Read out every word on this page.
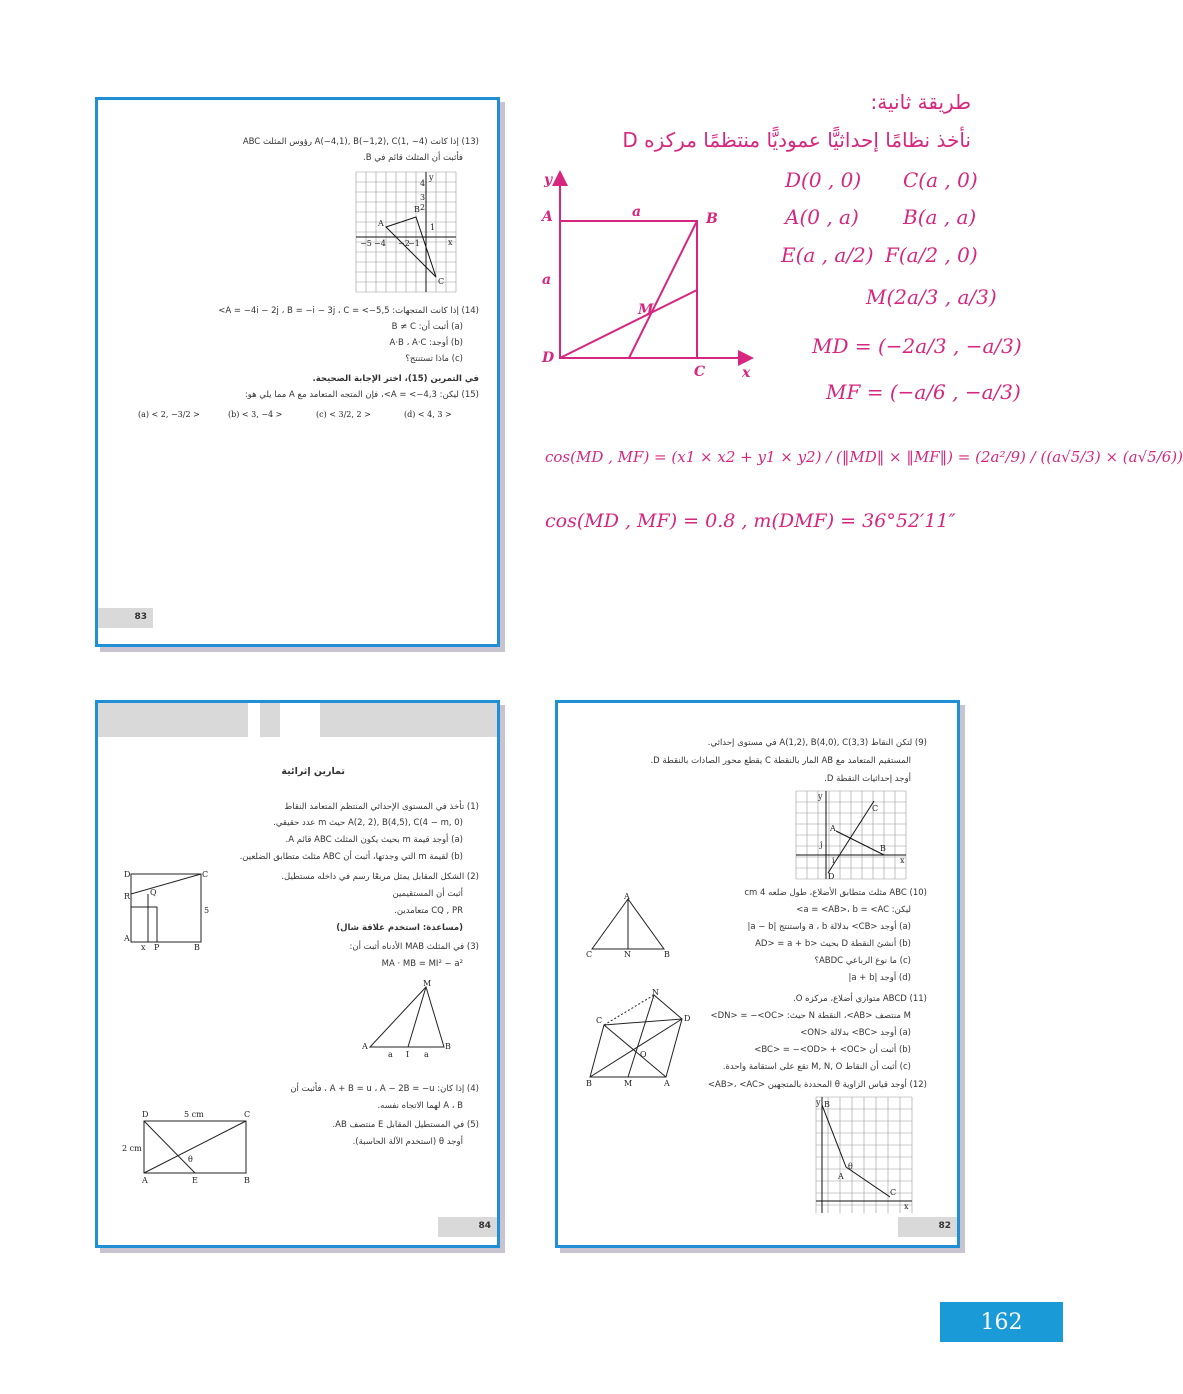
(13) إذا كانت A(−4,1), B(−1,2), C(1, −4) رؤوس المثلث ABC
فأثبت أن المثلث قائم في B.
A
B
C
x
y
−5 −4 −2
−1
1
2
3
4
(14) إذا كانت المتجهات: A = −4i − 2j ، B = −i − 3j ، C = <−5,5>
(a) أثبت أن: B ≠ C
(b) أوجد: A·B ، A·C
(c) ماذا تستنتج؟
في التمرين (15)، اختر الإجابة الصحيحة.
(15) ليكن: A = <−4,3>، فإن المتجه المتعامد مع A مما يلي هو:
(a) < 2, −3/2 >	(b) < 3, −4 >	(c) < 3/2, 2 >	(d) < 4, 3 >
83
طريقة ثانية:
نأخذ نظامًا إحداثيًّا عموديًّا منتظمًا مركزه D
y
x
A	B
C
D
M
a
a
D(0 , 0) C(a , 0)
A(0 , a) B(a , a)
E(a , a/2) F(a/2 , 0)
M(2a/3 , a/3)
MD = (−2a/3 , −a/3)
MF = (−a/6 , −a/3)
cos(MD , MF) = (x1 × x2 + y1 × y2) / (‖MD‖ × ‖MF‖) = (2a²/9) / ((a√5/3) × (a√5/6))
cos(MD , MF) = 0.8 , m(DMF) = 36°52′11″
تمارين إثرائية
(1) تأخذ في المستوى الإحداثي المنتظم المتعامد النقاط
A(2, 2), B(4,5), C(4 − m, 0) حيث m عدد حقيقي.
(a) أوجد قيمة m بحيث يكون المثلث ABC قائم A.
(b) لقيمة m التي وجدتها، أثبت أن ABC مثلث متطابق الضلعين.
(2) الشكل المقابل يمثل مربعًا رسم في داخله مستطيل.
أثبت أن المستقيمين
CQ , PR متعامدين.
(مساعدة: استخدم علاقة شال)
(3) في المثلث MAB الأدناه أثبت أن:
MA · MB = MI² − a²
D	C
R Q
A
B
P
x
5
M
A	B
I
a	a
(4) إذا كان: A + B = u ، A − 2B = −u ، فأثبت أن
A ، B لهما الاتجاه نفسه.
(5) في المستطيل المقابل E منتصف AB.
أوجد θ (استخدم الآلة الحاسبة).
D	C
A	B
E
θ
5 cm
2 cm
84
(9) لتكن النقاط A(1,2), B(4,0), C(3,3) في مستوى إحداثي.
المستقيم المتعامد مع AB المار بالنقطة C يقطع محور الصادات بالنقطة D.
أوجد إحداثيات النقطة D.
A
B
C
D
x
y
i
j
(10) ABC مثلث متطابق الأضلاع، طول ضلعه 4 cm
ليكن: a = <AB>، b = <AC>
(a) أوجد <CB> بدلالة a ، b واستنتج |a − b|
(b) أنشئ النقطة D بحيث <AD> = a + b
(c) ما نوع الرباعي ABDC؟
(d) أوجد |a + b|
A
C	B
N
(11) ABCD متوازي أضلاع، مركزه O.
M منتصف <AB>، النقطة N حيث: <DN> = −<OC>
(a) أوجد <BC> بدلالة <ON>
(b) أثبت أن <BC> = −<OD> + <OC>
(c) أثبت أن النقاط M, N, O تقع على استقامة واحدة.
(12) أوجد قياس الزاوية θ المحددة بالمتجهين <AB>، <AC>
N
C	D
O
B	M	A
B
A
C
θ
x
y
82
162
